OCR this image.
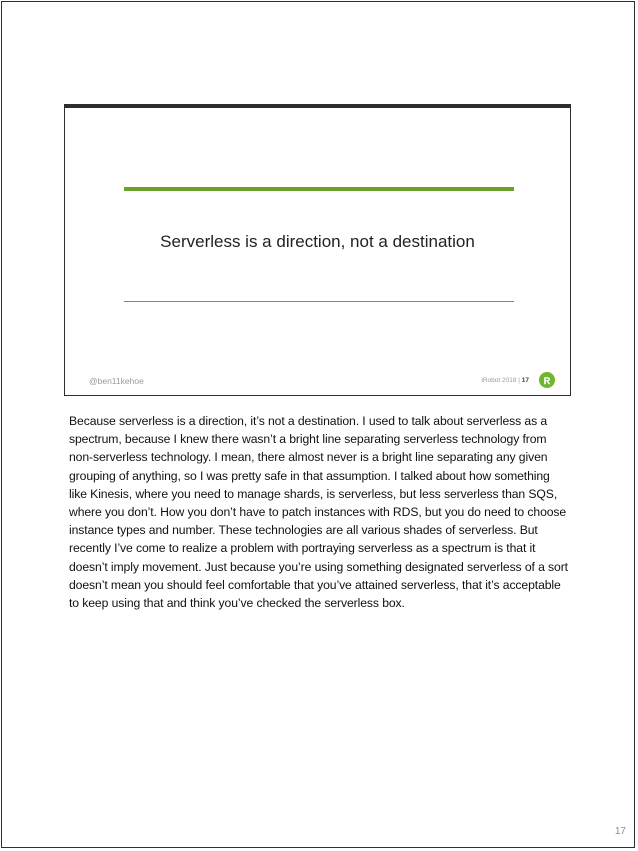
Serverless is a direction, not a destination
@ben11kehoe	iRobot 2018 | 17
Because serverless is a direction, it’s not a destination. I used to talk about serverless as a spectrum, because I knew there wasn’t a bright line separating serverless technology from non-serverless technology. I mean, there almost never is a bright line separating any given grouping of anything, so I was pretty safe in that assumption. I talked about how something like Kinesis, where you need to manage shards, is serverless, but less serverless than SQS, where you don’t. How you don’t have to patch instances with RDS, but you do need to choose instance types and number. These technologies are all various shades of serverless. But recently I’ve come to realize a problem with portraying serverless as a spectrum is that it doesn’t imply movement. Just because you’re using something designated serverless of a sort doesn’t mean you should feel comfortable that you’ve attained serverless, that it’s acceptable to keep using that and think you’ve checked the serverless box.
17
